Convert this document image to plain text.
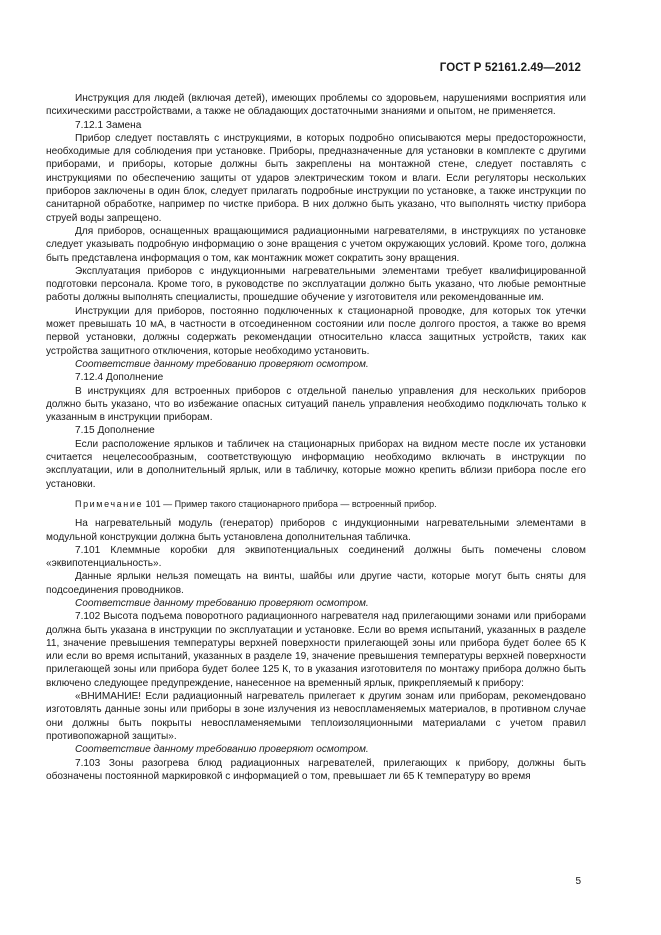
ГОСТ Р 52161.2.49—2012

Инструкция для людей (включая детей), имеющих проблемы со здоровьем, нарушениями восприятия или психическими расстройствами, а также не обладающих достаточными знаниями и опытом, не применяется.

7.12.1 Замена

Прибор следует поставлять с инструкциями, в которых подробно описываются меры предосторожности, необходимые для соблюдения при установке. Приборы, предназначенные для установки в комплекте с другими приборами, и приборы, которые должны быть закреплены на монтажной стене, следует поставлять с инструкциями по обеспечению защиты от ударов электрическим током и влаги. Если регуляторы нескольких приборов заключены в один блок, следует прилагать подробные инструкции по установке, а также инструкции по санитарной обработке, например по чистке прибора. В них должно быть указано, что выполнять чистку прибора струей воды запрещено.

Для приборов, оснащенных вращающимися радиационными нагревателями, в инструкциях по установке следует указывать подробную информацию о зоне вращения с учетом окружающих условий. Кроме того, должна быть представлена информация о том, как монтажник может сократить зону вращения.

Эксплуатация приборов с индукционными нагревательными элементами требует квалифицированной подготовки персонала. Кроме того, в руководстве по эксплуатации должно быть указано, что любые ремонтные работы должны выполнять специалисты, прошедшие обучение у изготовителя или рекомендованные им.

Инструкции для приборов, постоянно подключенных к стационарной проводке, для которых ток утечки может превышать 10 мА, в частности в отсоединенном состоянии или после долгого простоя, а также во время первой установки, должны содержать рекомендации относительно класса защитных устройств, таких как устройства защитного отключения, которые необходимо установить.

Соответствие данному требованию проверяют осмотром.

7.12.4 Дополнение

В инструкциях для встроенных приборов с отдельной панелью управления для нескольких приборов должно быть указано, что во избежание опасных ситуаций панель управления необходимо подключать только к указанным в инструкции приборам.

7.15 Дополнение

Если расположение ярлыков и табличек на стационарных приборах на видном месте после их установки считается нецелесообразным, соответствующую информацию необходимо включать в инструкции по эксплуатации, или в дополнительный ярлык, или в табличку, которые можно крепить вблизи прибора после его установки.

Примечание 101 — Пример такого стационарного прибора — встроенный прибор.

На нагревательный модуль (генератор) приборов с индукционными нагревательными элементами в модульной конструкции должна быть установлена дополнительная табличка.

7.101 Клеммные коробки для эквипотенциальных соединений должны быть помечены словом «эквипотенциальность».

Данные ярлыки нельзя помещать на винты, шайбы или другие части, которые могут быть сняты для подсоединения проводников.

Соответствие данному требованию проверяют осмотром.

7.102 Высота подъема поворотного радиационного нагревателя над прилегающими зонами или приборами должна быть указана в инструкции по эксплуатации и установке. Если во время испытаний, указанных в разделе 11, значение превышения температуры верхней поверхности прилегающей зоны или прибора будет более 65 К или если во время испытаний, указанных в разделе 19, значение превышения температуры верхней поверхности прилегающей зоны или прибора будет более 125 К, то в указания изготовителя по монтажу прибора должно быть включено следующее предупреждение, нанесенное на временный ярлык, прикрепляемый к прибору:

«ВНИМАНИЕ! Если радиационный нагреватель прилегает к другим зонам или приборам, рекомендовано изготовлять данные зоны или приборы в зоне излучения из невоспламеняемых материалов, в противном случае они должны быть покрыты невоспламеняемыми теплоизоляционными материалами с учетом правил противопожарной защиты».

Соответствие данному требованию проверяют осмотром.

7.103 Зоны разогрева блюд радиационных нагревателей, прилегающих к прибору, должны быть обозначены постоянной маркировкой с информацией о том, превышает ли 65 К температуру во время

5
